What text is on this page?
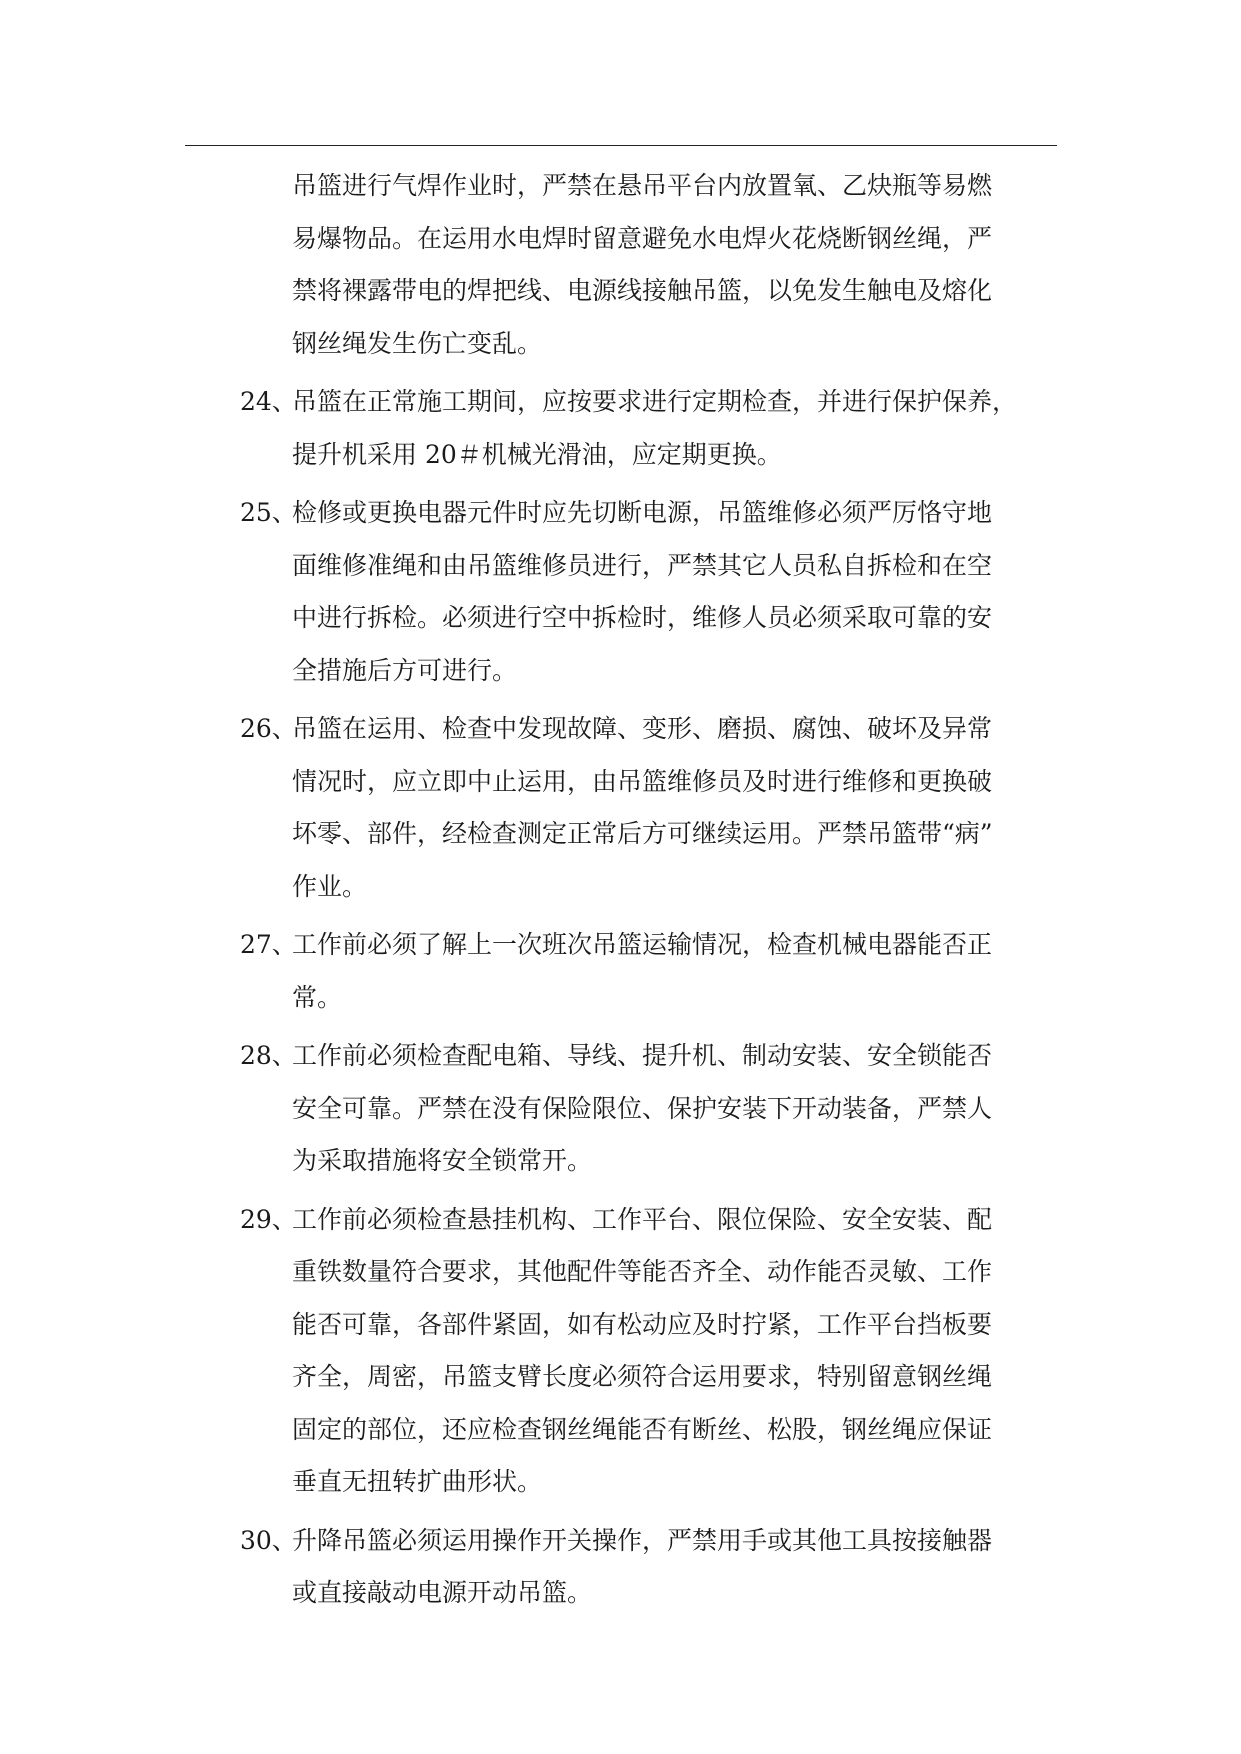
吊篮进行气焊作业时，严禁在悬吊平台内放置氧、乙炔瓶等易燃
易爆物品。在运用水电焊时留意避免水电焊火花烧断钢丝绳，严
禁将裸露带电的焊把线、电源线接触吊篮，以免发生触电及熔化
钢丝绳发生伤亡变乱。
24、
吊篮在正常施工期间，应按要求进行定期检查，并进行保护保养，
提升机采用 20＃机械光滑油，应定期更换。
25、
检修或更换电器元件时应先切断电源，吊篮维修必须严厉恪守地
面维修准绳和由吊篮维修员进行，严禁其它人员私自拆检和在空
中进行拆检。必须进行空中拆检时，维修人员必须采取可靠的安
全措施后方可进行。
26、
吊篮在运用、检查中发现故障、变形、磨损、腐蚀、破坏及异常
情况时，应立即中止运用，由吊篮维修员及时进行维修和更换破
坏零、部件，经检查测定正常后方可继续运用。严禁吊篮带“病”
作业。
27、
工作前必须了解上一次班次吊篮运输情况，检查机械电器能否正
常。
28、
工作前必须检查配电箱、导线、提升机、制动安装、安全锁能否
安全可靠。严禁在没有保险限位、保护安装下开动装备，严禁人
为采取措施将安全锁常开。
29、
工作前必须检查悬挂机构、工作平台、限位保险、安全安装、配
重铁数量符合要求，其他配件等能否齐全、动作能否灵敏、工作
能否可靠，各部件紧固，如有松动应及时拧紧，工作平台挡板要
齐全，周密，吊篮支臂长度必须符合运用要求，特别留意钢丝绳
固定的部位，还应检查钢丝绳能否有断丝、松股，钢丝绳应保证
垂直无扭转扩曲形状。
30、
升降吊篮必须运用操作开关操作，严禁用手或其他工具按接触器
或直接敲动电源开动吊篮。
